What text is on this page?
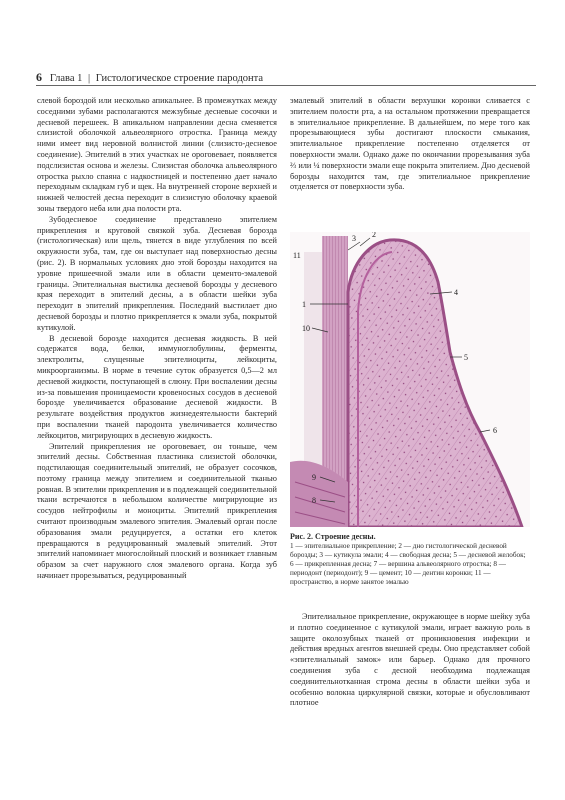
6 Глава 1 | Гистологическое строение пародонта

слевой бороздой или несколько апикальнее. В промежутках между соседними зубами располагаются межзубные десневые сосочки и десневой перешеек. В апикальном направлении десна сменяется слизистой оболочкой альвеолярного отростка. Граница между ними имеет вид неровной волнистой линии (слизисто-десневое соединение). Эпителий в этих участках не ороговевает, появляется подслизистая основа и железы. Слизистая оболочка альвеолярного отростка рыхло спаяна с надкостницей и постепенно дает начало переходным складкам губ и щек. На внутренней стороне верхней и нижней челюстей десна переходит в слизистую оболочку краевой зоны твердого неба или дна полости рта.

Зубодесневое соединение представлено эпителием прикрепления и круговой связкой зуба. Десневая борозда (гистологическая) или щель, тянется в виде углубления по всей окружности зуба, там, где он выступает над поверхностью десны (рис. 2). В нормальных условиях дно этой борозды находится на уровне пришеечной эмали или в области цементо-эмалевой границы. Эпителиальная выстилка десневой борозды у десневого края переходит в эпителий десны, а в области шейки зуба переходит в эпителий прикрепления. Последний выстилает дно десневой борозды и плотно прикрепляется к эмали зуба, покрытой кутикулой.

В десневой борозде находится десневая жидкость. В ней содержатся вода, белки, иммуноглобулины, ферменты, электролиты, слущенные эпителиоциты, лейкоциты, микроорганизмы. В норме в течение суток образуется 0,5—2 мл десневой жидкости, поступающей в слюну. При воспалении десны из-за повышения проницаемости кровеносных сосудов в десневой борозде увеличивается образование десневой жидкости. В результате воздействия продуктов жизнедеятельности бактерий при воспалении тканей пародонта увеличивается количество лейкоцитов, мигрирующих в десневую жидкость.

Эпителий прикрепления не ороговевает, он тоньше, чем эпителий десны. Собственная пластинка слизистой оболочки, подстилающая соединительный эпителий, не образует сосочков, поэтому граница между эпителием и соединительной тканью ровная. В эпителии прикрепления и в подлежащей соединительной ткани встречаются в небольшом количестве мигрирующие из сосудов нейтрофилы и моноциты. Эпителий прикрепления считают производным эмалевого эпителия. Эмалевый орган после образования эмали редуцируется, а остатки его клеток превращаются в редуцированный эмалевый эпителий. Этот эпителий напоминает многослойный плоский и возникает главным образом за счет наружного слоя эмалевого органа. Когда зуб начинает прорезываться, редуцированный

эмалевый эпителий в области верхушки коронки сливается с эпителием полости рта, а на остальном протяжении превращается в эпителиальное прикрепление. В дальнейшем, по мере того как прорезывающиеся зубы достигают плоскости смыкания, эпителиальное прикрепление постепенно отделяется от поверхности эмали. Однако даже по окончании прорезывания зуба ⅔ или ¼ поверхности эмали еще покрыта эпителием. Дно десневой борозды находится там, где эпителиальное прикрепление отделяется от поверхности зуба.

11
3 2
1
4
10
5
6
9
8
Рис. 2. Строение десны.
1 — эпителиальное прикрепление; 2 — дно гистологической десневой борозды; 3 — кутикула эмали; 4 — свободная десна; 5 — десневой желобок; 6 — прикрепленная десна; 7 — вершина альвеолярного отростка; 8 — периодонт (периодонт); 9 — цемент; 10 — дентин коронки; 11 — пространство, в норме занятое эмалью

Эпителиальное прикрепление, окружающее в норме шейку зуба и плотно соединенное с кутикулой эмали, играет важную роль в защите околозубных тканей от проникновения инфекции и действия вредных агентов внешней среды. Оно представляет собой «эпителиальный замок» или барьер. Однако для прочного соединения зуба с десной необходима подлежащая соединительнотканная строма десны в области шейки зуба и особенно волокна циркулярной связки, которые и обусловливают плотное
